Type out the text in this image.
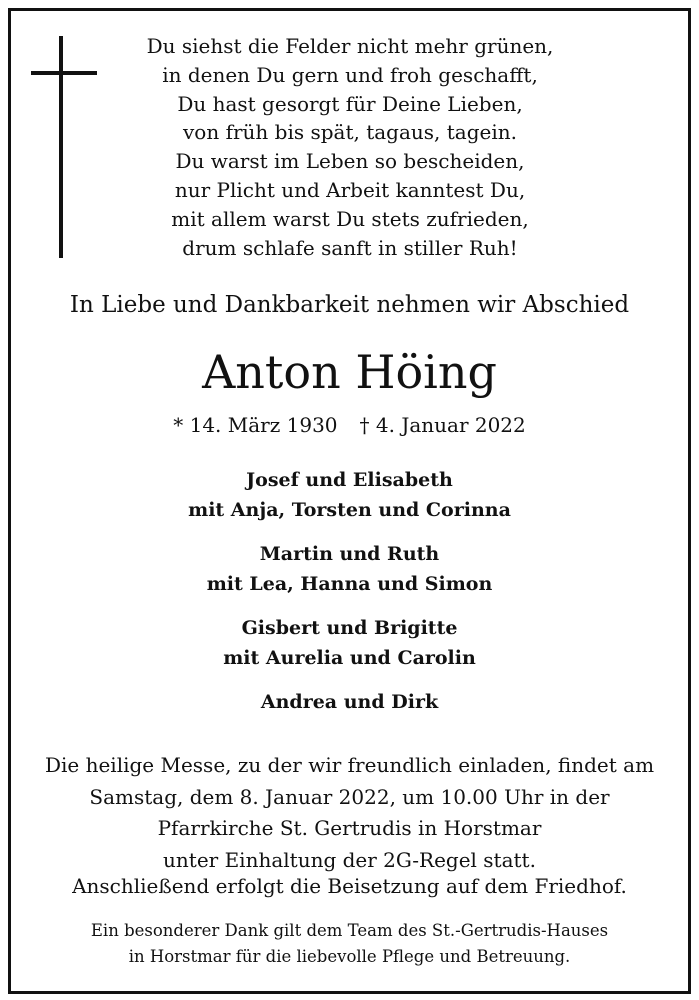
Du siehst die Felder nicht mehr grünen,
in denen Du gern und froh geschafft,
Du hast gesorgt für Deine Lieben,
von früh bis spät, tagaus, tagein.
Du warst im Leben so bescheiden,
nur Plicht und Arbeit kanntest Du,
mit allem warst Du stets zufrieden,
drum schlafe sanft in stiller Ruh!
In Liebe und Dankbarkeit nehmen wir Abschied
Anton Höing
* 14. März 1930 † 4. Januar 2022
Josef und Elisabeth
mit Anja, Torsten und Corinna
Martin und Ruth
mit Lea, Hanna und Simon
Gisbert und Brigitte
mit Aurelia und Carolin
Andrea und Dirk
Die heilige Messe, zu der wir freundlich einladen, findet am
Samstag, dem 8. Januar 2022, um 10.00 Uhr in der
Pfarrkirche St. Gertrudis in Horstmar
unter Einhaltung der 2G-Regel statt.
Anschließend erfolgt die Beisetzung auf dem Friedhof.
Ein besonderer Dank gilt dem Team des St.-Gertrudis-Hauses
in Horstmar für die liebevolle Pflege und Betreuung.
